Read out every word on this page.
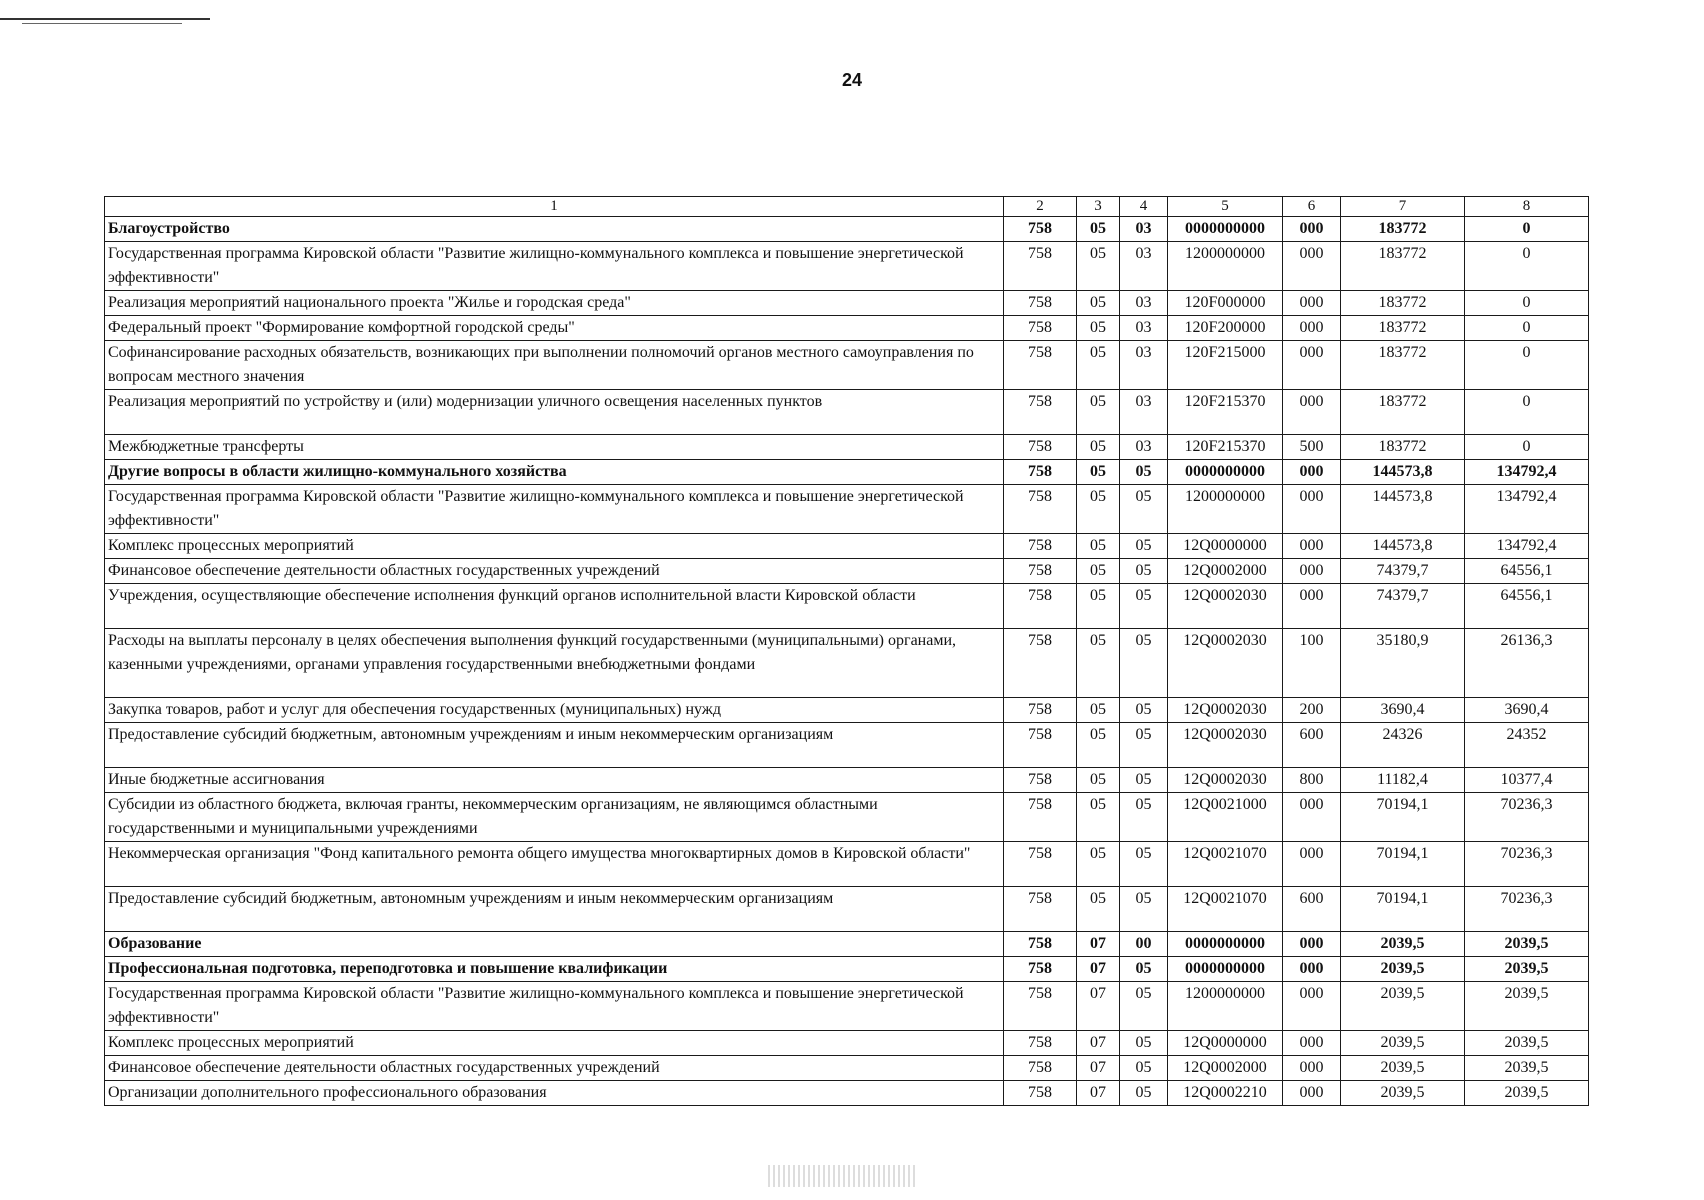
24
1	2	3	4	5	6	7	8
Благоустройство	758	05	03	0000000000	000	183772	0
Государственная программа Кировской области "Развитие жилищно-коммунального комплекса и повышение энергетической эффективности"	758	05	03	1200000000	000	183772	0
Реализация мероприятий национального проекта "Жилье и городская среда"	758	05	03	120F000000	000	183772	0
Федеральный проект "Формирование комфортной городской среды"	758	05	03	120F200000	000	183772	0
Софинансирование расходных обязательств, возникающих при выполнении полномочий органов местного самоуправления по вопросам местного значения	758	05	03	120F215000	000	183772	0
Реализация мероприятий по устройству и (или) модернизации уличного освещения населенных пунктов	758	05	03	120F215370	000	183772	0
Межбюджетные трансферты	758	05	03	120F215370	500	183772	0
Другие вопросы в области жилищно-коммунального хозяйства	758	05	05	0000000000	000	144573,8	134792,4
Государственная программа Кировской области "Развитие жилищно-коммунального комплекса и повышение энергетической эффективности"	758	05	05	1200000000	000	144573,8	134792,4
Комплекс процессных мероприятий	758	05	05	12Q0000000	000	144573,8	134792,4
Финансовое обеспечение деятельности областных государственных учреждений	758	05	05	12Q0002000	000	74379,7	64556,1
Учреждения, осуществляющие обеспечение исполнения функций органов исполнительной власти Кировской области	758	05	05	12Q0002030	000	74379,7	64556,1
Расходы на выплаты персоналу в целях обеспечения выполнения функций государственными (муниципальными) органами, казенными учреждениями, органами управления государственными внебюджетными фондами	758	05	05	12Q0002030	100	35180,9	26136,3
Закупка товаров, работ и услуг для обеспечения государственных (муниципальных) нужд	758	05	05	12Q0002030	200	3690,4	3690,4
Предоставление субсидий бюджетным, автономным учреждениям и иным некоммерческим организациям	758	05	05	12Q0002030	600	24326	24352
Иные бюджетные ассигнования	758	05	05	12Q0002030	800	11182,4	10377,4
Субсидии из областного бюджета, включая гранты, некоммерческим организациям, не являющимся областными государственными и муниципальными учреждениями	758	05	05	12Q0021000	000	70194,1	70236,3
Некоммерческая организация "Фонд капитального ремонта общего имущества многоквартирных домов в Кировской области"	758	05	05	12Q0021070	000	70194,1	70236,3
Предоставление субсидий бюджетным, автономным учреждениям и иным некоммерческим организациям	758	05	05	12Q0021070	600	70194,1	70236,3
Образование	758	07	00	0000000000	000	2039,5	2039,5
Профессиональная подготовка, переподготовка и повышение квалификации	758	07	05	0000000000	000	2039,5	2039,5
Государственная программа Кировской области "Развитие жилищно-коммунального комплекса и повышение энергетической эффективности"	758	07	05	1200000000	000	2039,5	2039,5
Комплекс процессных мероприятий	758	07	05	12Q0000000	000	2039,5	2039,5
Финансовое обеспечение деятельности областных государственных учреждений	758	07	05	12Q0002000	000	2039,5	2039,5
Организации дополнительного профессионального образования	758	07	05	12Q0002210	000	2039,5	2039,5
